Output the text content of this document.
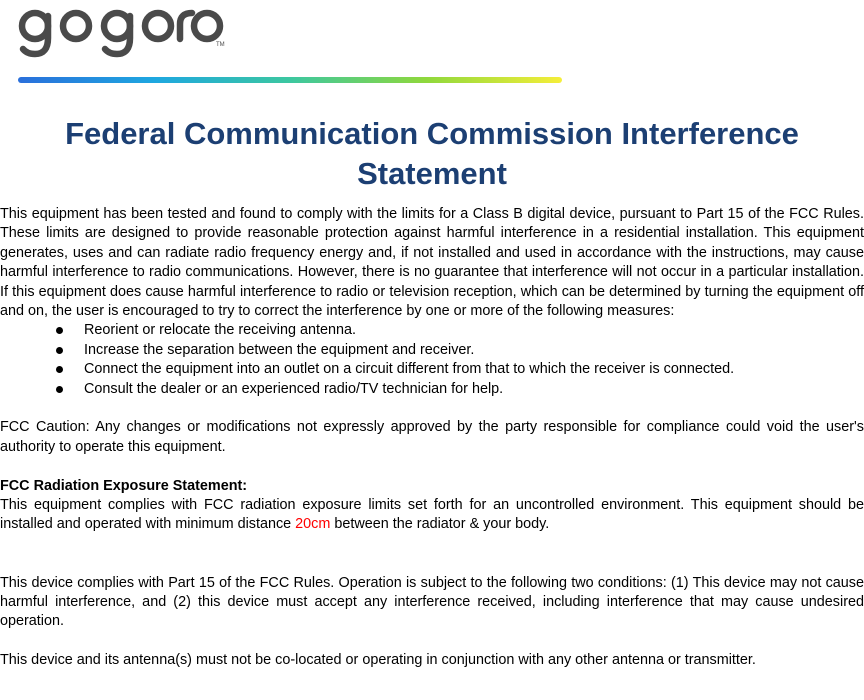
TM
Federal Communication Commission Interference Statement

This equipment has been tested and found to comply with the limits for a Class B digital device, pursuant to Part 15 of the FCC Rules. These limits are designed to provide reasonable protection against harmful interference in a residential installation. This equipment generates, uses and can radiate radio frequency energy and, if not installed and used in accordance with the instructions, may cause harmful interference to radio communications. However, there is no guarantee that interference will not occur in a particular installation. If this equipment does cause harmful interference to radio or television reception, which can be determined by turning the equipment off and on, the user is encouraged to try to correct the interference by one or more of the following measures:

Reorient or relocate the receiving antenna.
Increase the separation between the equipment and receiver.
Connect the equipment into an outlet on a circuit different from that to which the receiver is connected.
Consult the dealer or an experienced radio/TV technician for help.

FCC Caution: Any changes or modifications not expressly approved by the party responsible for compliance could void the user's authority to operate this equipment.

FCC Radiation Exposure Statement:

This equipment complies with FCC radiation exposure limits set forth for an uncontrolled environment. This equipment should be installed and operated with minimum distance 20cm between the radiator & your body.

This device complies with Part 15 of the FCC Rules. Operation is subject to the following two conditions: (1) This device may not cause harmful interference, and (2) this device must accept any interference received, including interference that may cause undesired operation.

This device and its antenna(s) must not be co-located or operating in conjunction with any other antenna or transmitter.
